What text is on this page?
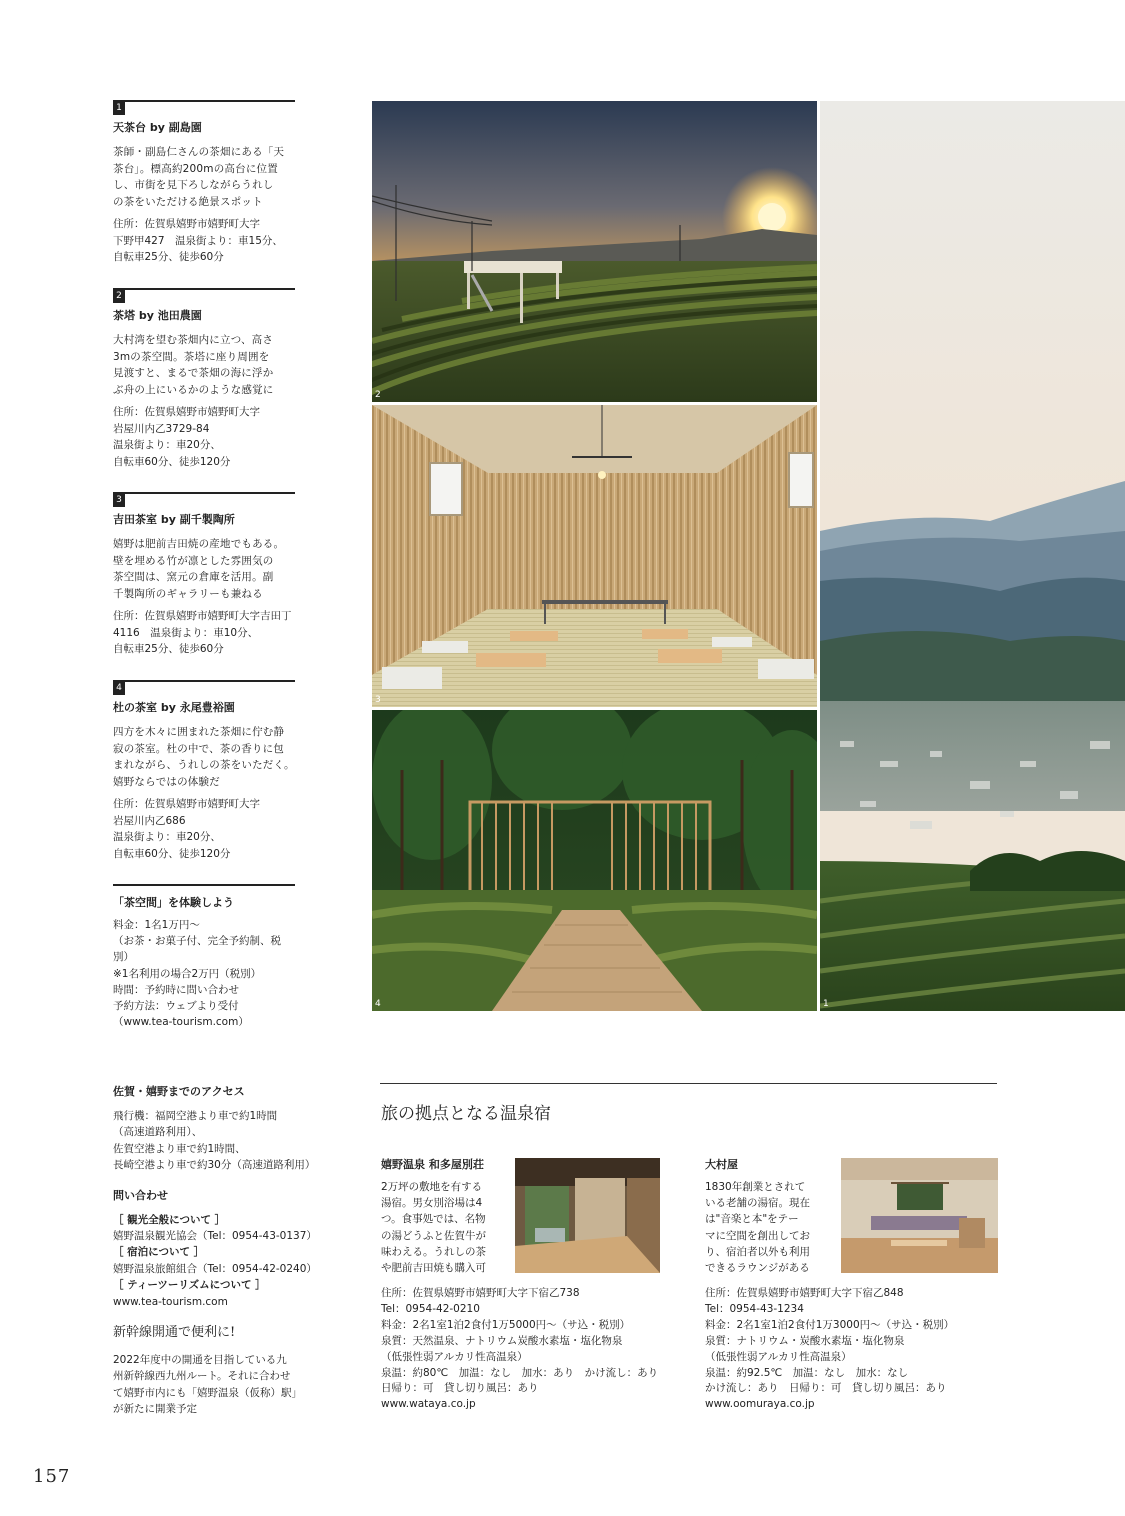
1
天茶台 by 副島園
茶師・副島仁さんの茶畑にある「天
茶台」。標高約200mの高台に位置
し、市街を見下ろしながらうれし
の茶をいただける絶景スポット
住所：佐賀県嬉野市嬉野町大字
下野甲427　温泉街より：車15分、
自転車25分、徒歩60分
2
茶塔 by 池田農園
大村湾を望む茶畑内に立つ、高さ
3mの茶空間。茶塔に座り周囲を
見渡すと、まるで茶畑の海に浮か
ぶ舟の上にいるかのような感覚に
住所：佐賀県嬉野市嬉野町大字
岩屋川内乙3729-84
温泉街より：車20分、
自転車60分、徒歩120分
3
吉田茶室 by 副千製陶所
嬉野は肥前吉田焼の産地でもある。
壁を埋める竹が凛とした雰囲気の
茶空間は、窯元の倉庫を活用。副
千製陶所のギャラリーも兼ねる
住所：佐賀県嬉野市嬉野町大字吉田丁
4116　温泉街より：車10分、
自転車25分、徒歩60分
4
杜の茶室 by 永尾豊裕園
四方を木々に囲まれた茶畑に佇む静
寂の茶室。杜の中で、茶の香りに包
まれながら、うれしの茶をいただく。
嬉野ならではの体験だ
住所：佐賀県嬉野市嬉野町大字
岩屋川内乙686
温泉街より：車20分、
自転車60分、徒歩120分
「茶空間」を体験しよう
料金：1名1万円〜
（お茶・お菓子付、完全予約制、税別）
※1名利用の場合2万円（税別）
時間：予約時に問い合わせ
予約方法：ウェブより受付
（www.tea-tourism.com）
2
3
4	1
佐賀・嬉野までのアクセス
飛行機：福岡空港より車で約1時間
（高速道路利用）、
佐賀空港より車で約1時間、
長崎空港より車で約30分（高速道路利用）
問い合わせ
［ 観光全般について ］
嬉野温泉観光協会（Tel：0954-43-0137）
［ 宿泊について ］
嬉野温泉旅館組合（Tel：0954-42-0240）
［ ティーツーリズムについて ］
www.tea-tourism.com
新幹線開通で便利に!
2022年度中の開通を目指している九
州新幹線西九州ルート。それに合わせ
て嬉野市内にも「嬉野温泉（仮称）駅」
が新たに開業予定
旅の拠点となる温泉宿
嬉野温泉 和多屋別荘
2万坪の敷地を有する
湯宿。男女別浴場は4
つ。食事処では、名物
の湯どうふと佐賀牛が
味わえる。うれしの茶
や肥前吉田焼も購入可
住所：佐賀県嬉野市嬉野町大字下宿乙738
Tel：0954-42-0210
料金：2名1室1泊2食付1万5000円〜（サ込・税別）
泉質：天然温泉、ナトリウム炭酸水素塩・塩化物泉
（低張性弱アルカリ性高温泉）
泉温：約80℃　加温：なし　加水：あり　かけ流し：あり
日帰り：可　貸し切り風呂：あり
www.wataya.co.jp
大村屋
1830年創業とされて
いる老舗の湯宿。現在
は"音楽と本"をテー
マに空間を創出してお
り、宿泊者以外も利用
できるラウンジがある
住所：佐賀県嬉野市嬉野町大字下宿乙848
Tel：0954-43-1234
料金：2名1室1泊2食付1万3000円〜（サ込・税別）
泉質：ナトリウム・炭酸水素塩・塩化物泉
（低張性弱アルカリ性高温泉）
泉温：約92.5℃　加温：なし　加水：なし
かけ流し：あり　日帰り：可　貸し切り風呂：あり
www.oomuraya.co.jp
157
